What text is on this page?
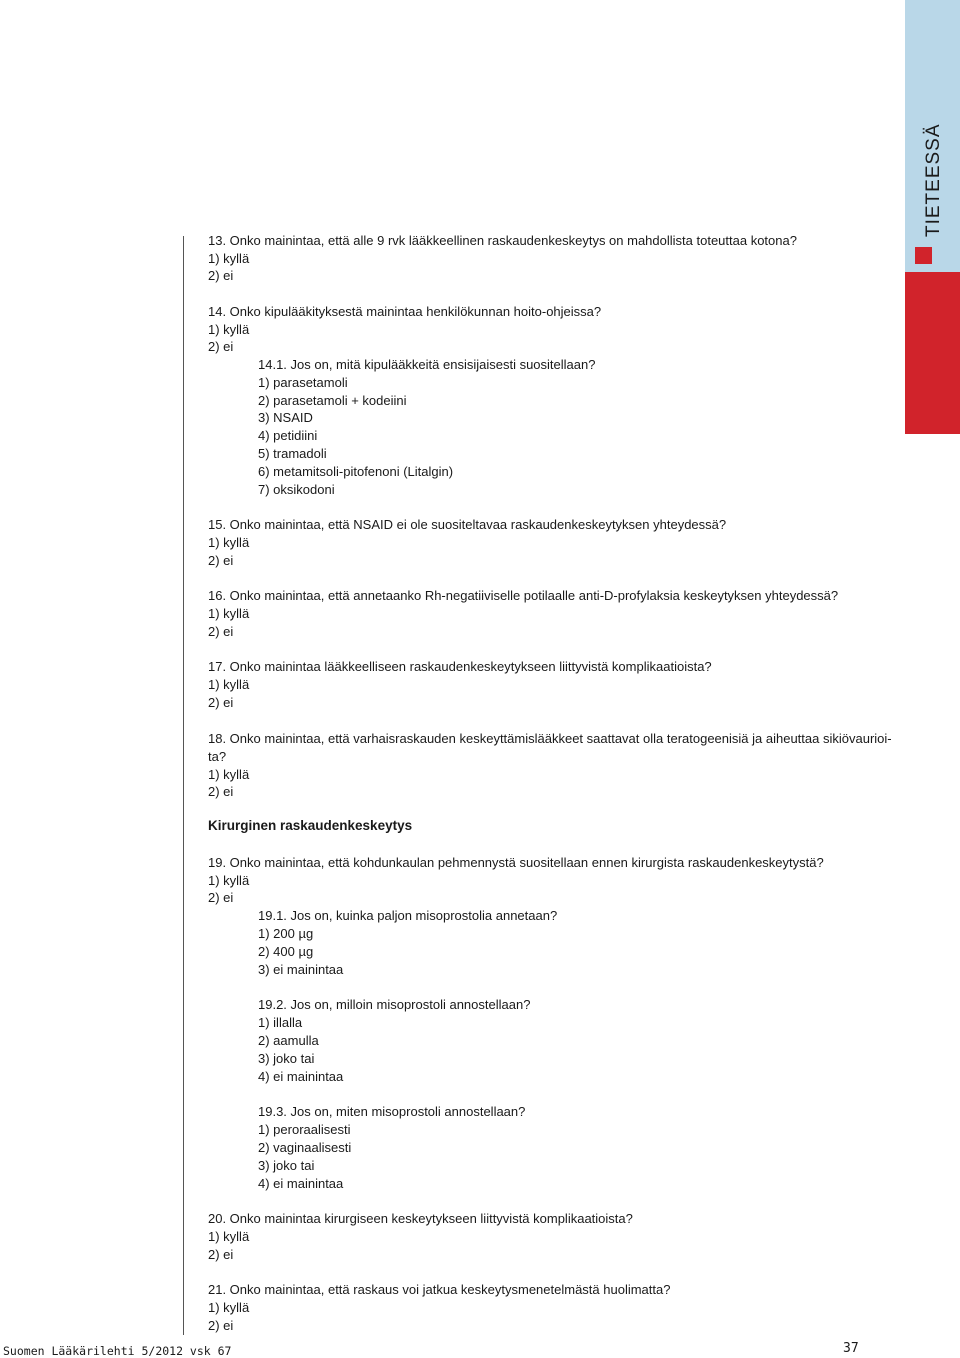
TIETEESSÄ
13. Onko mainintaa, että alle 9 rvk lääkkeellinen raskaudenkeskeytys on mahdollista toteuttaa kotona?
1) kyllä
2) ei
14. Onko kipulääkityksestä mainintaa henkilökunnan hoito-ohjeissa?
1) kyllä
2) ei
14.1. Jos on, mitä kipulääkkeitä ensisijaisesti suositellaan?
1) parasetamoli
2) parasetamoli + kodeiini
3) NSAID
4) petidiini
5) tramadoli
6) metamitsoli-pitofenoni (Litalgin)
7) oksikodoni
15. Onko mainintaa, että NSAID ei ole suositeltavaa raskaudenkeskeytyksen yhteydessä?
1) kyllä
2) ei
16. Onko mainintaa, että annetaanko Rh-negatiiviselle potilaalle anti-D-profylaksia keskeytyksen yhteydessä?
1) kyllä
2) ei
17. Onko mainintaa lääkkeelliseen raskaudenkeskeytykseen liittyvistä komplikaatioista?
1) kyllä
2) ei
18. Onko mainintaa, että varhaisraskauden keskeyttämislääkkeet saattavat olla teratogeenisiä ja aiheuttaa sikiövaurioi-
ta?
1) kyllä
2) ei
19. Onko mainintaa, että kohdunkaulan pehmennystä suositellaan ennen kirurgista raskaudenkeskeytystä?
1) kyllä
2) ei
19.1. Jos on, kuinka paljon misoprostolia annetaan?
1) 200 µg
2) 400 µg
3) ei mainintaa
19.2. Jos on, milloin misoprostoli annostellaan?
1) illalla
2) aamulla
3) joko tai
4) ei mainintaa
19.3. Jos on, miten misoprostoli annostellaan?
1) peroraalisesti
2) vaginaalisesti
3) joko tai
4) ei mainintaa
20. Onko mainintaa kirurgiseen keskeytykseen liittyvistä komplikaatioista?
1) kyllä
2) ei
21. Onko mainintaa, että raskaus voi jatkua keskeytysmenetelmästä huolimatta?
1) kyllä
2) ei
Kirurginen raskaudenkeskeytys
Suomen Lääkärilehti 5/2012 vsk 67	37
